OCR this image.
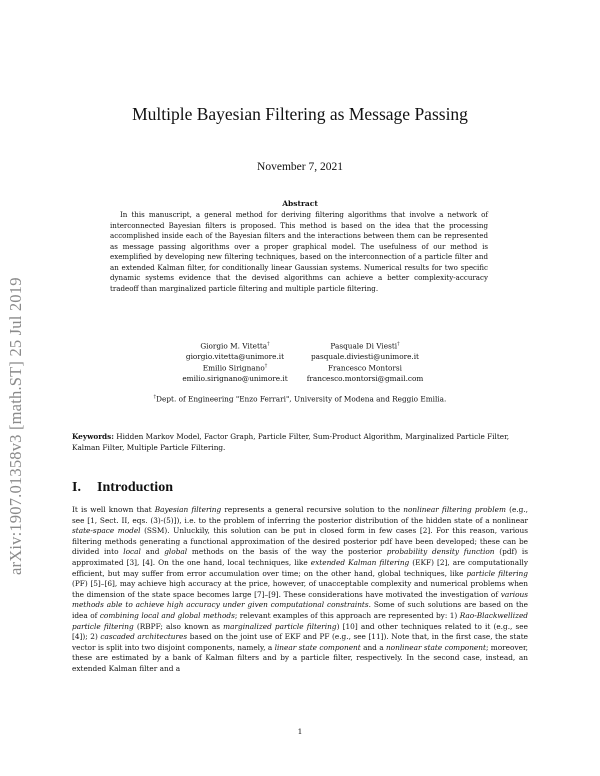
arXiv:1907.01358v3 [math.ST] 25 Jul 2019
Multiple Bayesian Filtering as Message Passing
November 7, 2021
Abstract
In this manuscript, a general method for deriving filtering algorithms that involve a network of interconnected Bayesian filters is proposed. This method is based on the idea that the processing accomplished inside each of the Bayesian filters and the interactions between them can be represented as message passing algorithms over a proper graphical model. The usefulness of our method is exemplified by developing new filtering techniques, based on the interconnection of a particle filter and an extended Kalman filter, for conditionally linear Gaussian systems. Numerical results for two specific dynamic systems evidence that the devised algorithms can achieve a better complexity-accuracy tradeoff than marginalized particle filtering and multiple particle filtering.
Giorgio M. Vitetta†
giorgio.vitetta@unimore.it
Pasquale Di Viesti†
pasquale.diviesti@unimore.it
Emilio Sirignano†
emilio.sirignano@unimore.it
Francesco Montorsi
francesco.montorsi@gmail.com
†Dept. of Engineering "Enzo Ferrari", University of Modena and Reggio Emilia.
Keywords: Hidden Markov Model, Factor Graph, Particle Filter, Sum-Product Algorithm, Marginalized Particle Filter, Kalman Filter, Multiple Particle Filtering.
I. Introduction
It is well known that Bayesian filtering represents a general recursive solution to the nonlinear filtering problem (e.g., see [1, Sect. II, eqs. (3)-(5)]), i.e. to the problem of inferring the posterior distribution of the hidden state of a nonlinear state-space model (SSM). Unluckily, this solution can be put in closed form in few cases [2]. For this reason, various filtering methods generating a functional approximation of the desired posterior pdf have been developed; these can be divided into local and global methods on the basis of the way the posterior probability density function (pdf) is approximated [3], [4]. On the one hand, local techniques, like extended Kalman filtering (EKF) [2], are computationally efficient, but may suffer from error accumulation over time; on the other hand, global techniques, like particle filtering (PF) [5]–[6], may achieve high accuracy at the price, however, of unacceptable complexity and numerical problems when the dimension of the state space becomes large [7]–[9]. These considerations have motivated the investigation of various methods able to achieve high accuracy under given computational constraints. Some of such solutions are based on the idea of combining local and global methods; relevant examples of this approach are represented by: 1) Rao-Blackwellized particle filtering (RBPF; also known as marginalized particle filtering) [10] and other techniques related to it (e.g., see [4]); 2) cascaded architectures based on the joint use of EKF and PF (e.g., see [11]). Note that, in the first case, the state vector is split into two disjoint components, namely, a linear state component and a nonlinear state component; moreover, these are estimated by a bank of Kalman filters and by a particle filter, respectively. In the second case, instead, an extended Kalman filter and a
1
